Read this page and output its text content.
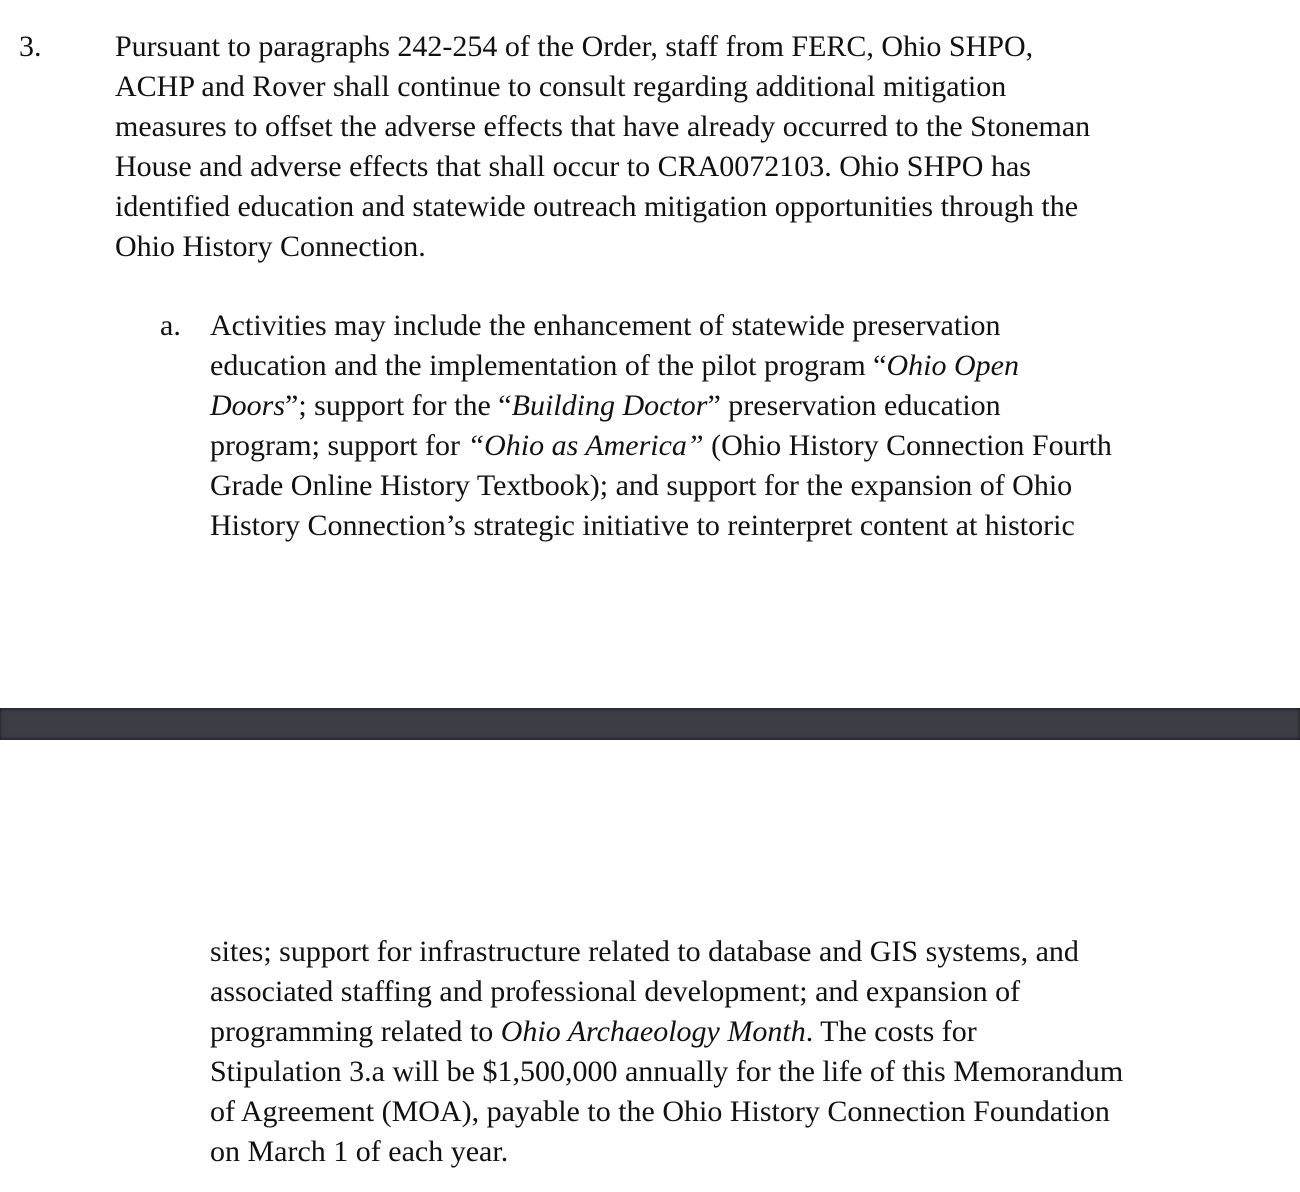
3. Pursuant to paragraphs 242-254 of the Order, staff from FERC, Ohio SHPO,
ACHP and Rover shall continue to consult regarding additional mitigation
measures to offset the adverse effects that have already occurred to the Stoneman
House and adverse effects that shall occur to CRA0072103. Ohio SHPO has
identified education and statewide outreach mitigation opportunities through the
Ohio History Connection.

a. Activities may include the enhancement of statewide preservation
education and the implementation of the pilot program “Ohio Open
Doors”; support for the “Building Doctor” preservation education
program; support for “Ohio as America” (Ohio History Connection Fourth
Grade Online History Textbook); and support for the expansion of Ohio
History Connection’s strategic initiative to reinterpret content at historic

sites; support for infrastructure related to database and GIS systems, and
associated staffing and professional development; and expansion of
programming related to Ohio Archaeology Month. The costs for
Stipulation 3.a will be $1,500,000 annually for the life of this Memorandum
of Agreement (MOA), payable to the Ohio History Connection Foundation
on March 1 of each year.
